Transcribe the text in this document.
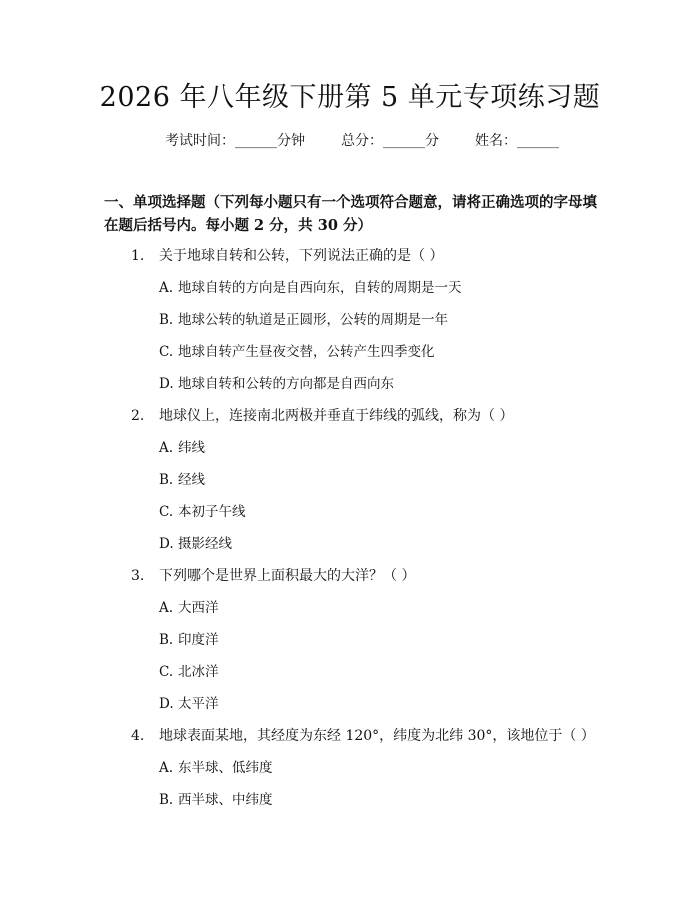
2026 年八年级下册第 5 单元专项练习题
考试时间：______分钟	总分：______分	姓名：______
一、单项选择题（下列每小题只有一个选项符合题意，请将正确选项的字母填在题后括号内。每小题 2 分，共 30 分）
1.	关于地球自转和公转，下列说法正确的是（ ）
A. 地球自转的方向是自西向东，自转的周期是一天
B. 地球公转的轨道是正圆形，公转的周期是一年
C. 地球自转产生昼夜交替，公转产生四季变化
D. 地球自转和公转的方向都是自西向东
2.	地球仪上，连接南北两极并垂直于纬线的弧线，称为（ ）
A. 纬线
B. 经线
C. 本初子午线
D. 摄影经线
3.	下列哪个是世界上面积最大的大洋？（ ）
A. 大西洋
B. 印度洋
C. 北冰洋
D. 太平洋
4.	地球表面某地，其经度为东经 120°，纬度为北纬 30°，该地位于（ ）
A. 东半球、低纬度
B. 西半球、中纬度
